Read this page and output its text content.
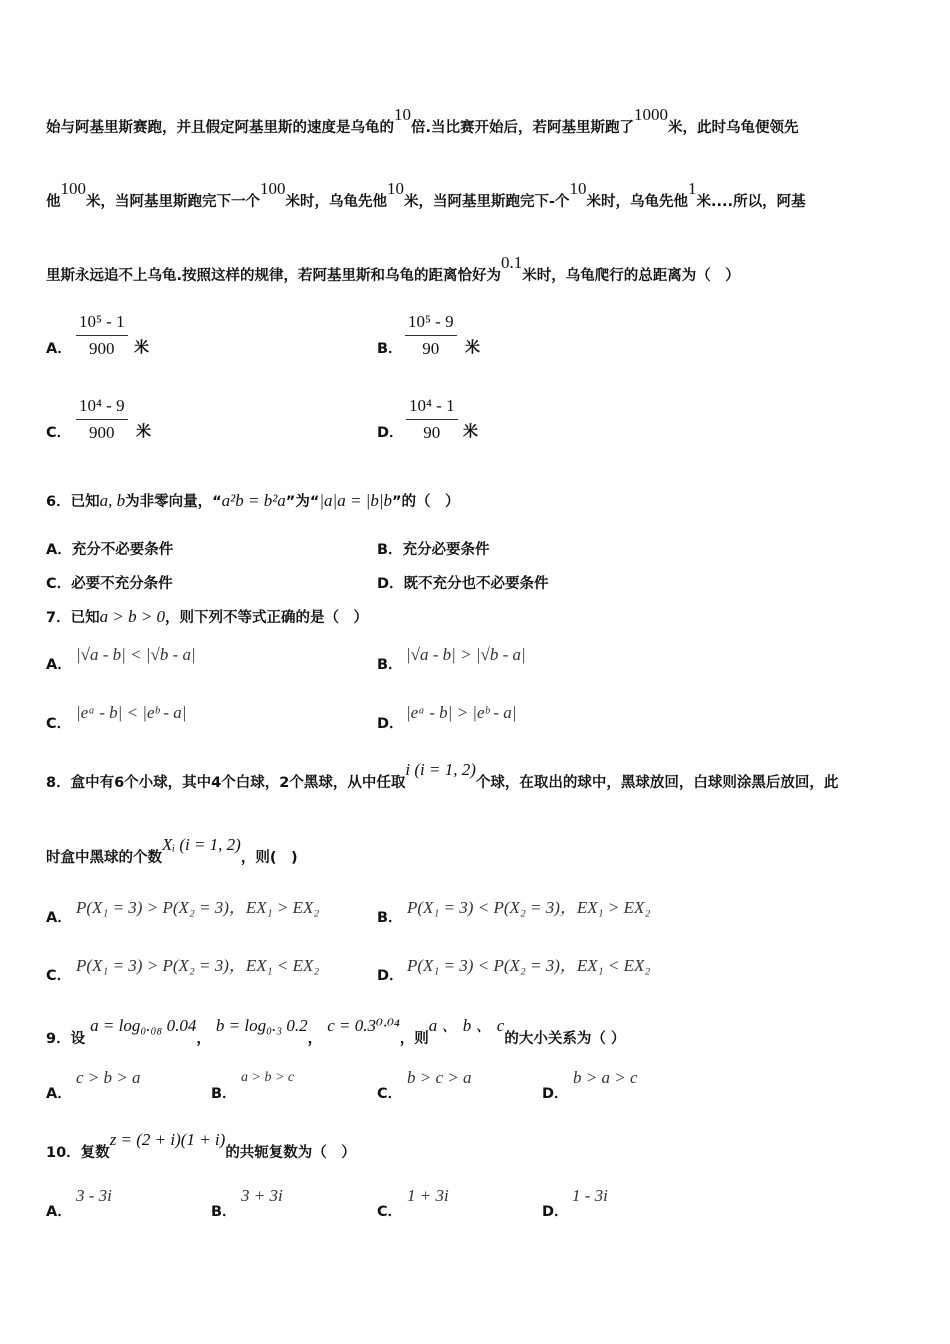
始与阿基里斯赛跑，并且假定阿基里斯的速度是乌龟的10倍.当比赛开始后，若阿基里斯跑了1000米，此时乌龟便领先
他100米，当阿基里斯跑完下一个100米时，乌龟先他10米，当阿基里斯跑完下-个10米时，乌龟先他1米....所以，阿基
里斯永远追不上乌龟.按照这样的规律，若阿基里斯和乌龟的距离恰好为0.1米时，乌龟爬行的总距离为（　）
A．
10⁵ - 1
900	米	B．
10⁵ - 9
90	米
C．
10⁴ - 9
900	米	D．
10⁴ - 1
90	米
6．已知a, b为非零向量，“a²b = b²a”为“|a|a = |b|b”的（　）
A．充分不必要条件	B．充分必要条件
C．必要不充分条件	D．既不充分也不必要条件
7．已知a > b > 0，则下列不等式正确的是（　）
A．
|√a - b| < |√b - a|
B．
|√a - b| > |√b - a|
C．
|eᵃ - b| < |eᵇ - a|
D．
|eᵃ - b| > |eᵇ - a|
8．盒中有6个小球，其中4个白球，2个黑球，从中任取i (i = 1, 2)个球，在取出的球中，黑球放回，白球则涂黑后放回，此
时盒中黑球的个数Xᵢ (i = 1, 2)，则(　)
A．
P(X₁ = 3) > P(X₂ = 3)，EX₁ > EX₂
B．
P(X₁ = 3) < P(X₂ = 3)，EX₁ > EX₂
C．
P(X₁ = 3) > P(X₂ = 3)，EX₁ < EX₂
D．
P(X₁ = 3) < P(X₂ = 3)，EX₁ < EX₂
9．设 a = log₀.₀₈ 0.04， b = log₀.₃ 0.2， c = 0.3⁰·⁰⁴，则a 、 b 、 c的大小关系为（ ）
A．
c > b > a
B．
a > b > c
C．
b > c > a
D．
b > a > c
10．复数z = (2 + i)(1 + i)的共轭复数为（　）
A．
3 - 3i
B．
3 + 3i
C．
1 + 3i
D．
1 - 3i
